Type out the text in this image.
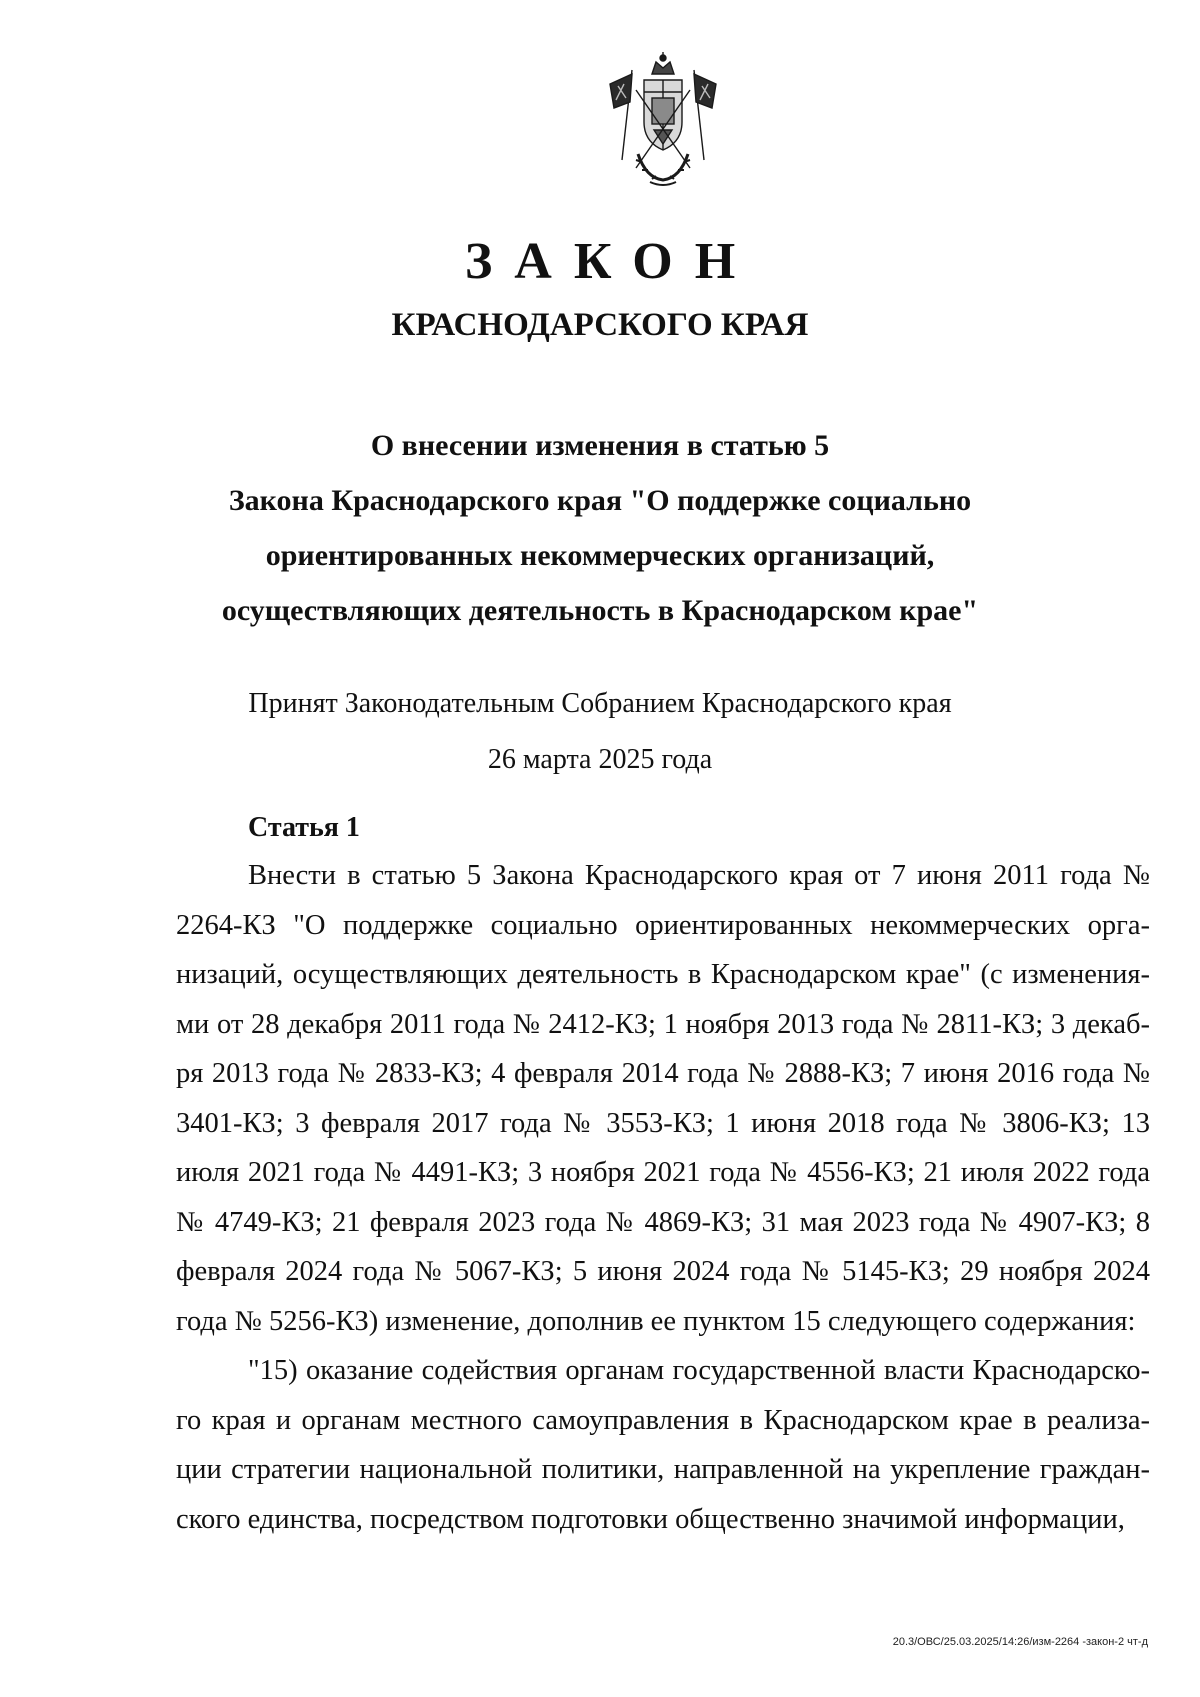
ЗАКОН
КРАСНОДАРСКОГО КРАЯ
О внесении изменения в статью 5
Закона Краснодарского края "О поддержке социально
ориентированных некоммерческих организаций,
осуществляющих деятельность в Краснодарском крае"
Принят Законодательным Собранием Краснодарского края
26 марта 2025 года
Статья 1

Внести в статью 5 Закона Краснодарского края от 7 июня 2011 года № 2264-КЗ "О поддержке социально ориентированных некоммерческих организаций, осуществляющих деятельность в Краснодарском крае" (с изменениями от 28 декабря 2011 года № 2412-КЗ; 1 ноября 2013 года № 2811-КЗ; 3 декабря 2013 года № 2833-КЗ; 4 февраля 2014 года № 2888-КЗ; 7 июня 2016 года № 3401-КЗ; 3 февраля 2017 года № 3553-КЗ; 1 июня 2018 года № 3806-КЗ; 13 июля 2021 года № 4491-КЗ; 3 ноября 2021 года № 4556-КЗ; 21 июля 2022 года № 4749-КЗ; 21 февраля 2023 года № 4869-КЗ; 31 мая 2023 года № 4907-КЗ; 8 февраля 2024 года № 5067-КЗ; 5 июня 2024 года № 5145-КЗ; 29 ноября 2024 года № 5256-КЗ) изменение, дополнив ее пунктом 15 следующего содержания:

"15) оказание содействия органам государственной власти Краснодарского края и органам местного самоуправления в Краснодарском крае в реализации стратегии национальной политики, направленной на укрепление гражданского единства, посредством подготовки общественно значимой информации,

20.3/ОВС/25.03.2025/14:26/изм-2264 -закон-2 чт-д
